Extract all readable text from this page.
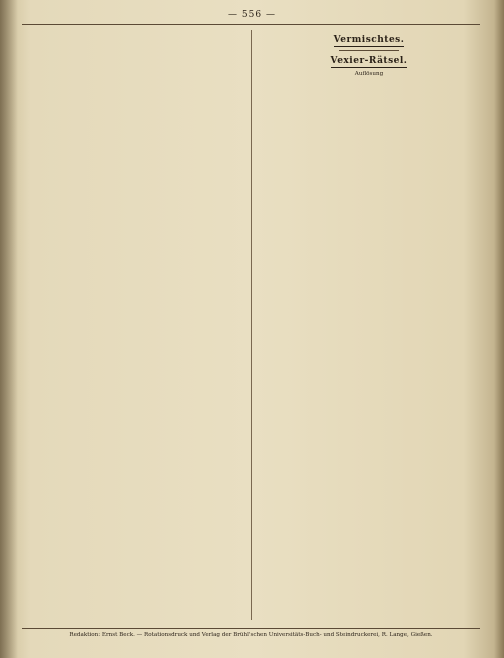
— 556 —
Vermischtes.
Vexier-Rätsel.

Auflösung

Redaktion: Ernst Beck. — Rotationsdruck und Verlag der Brühl'schen Universitäts-Buch- und Steindruckerei, R. Lange, Gießen.
